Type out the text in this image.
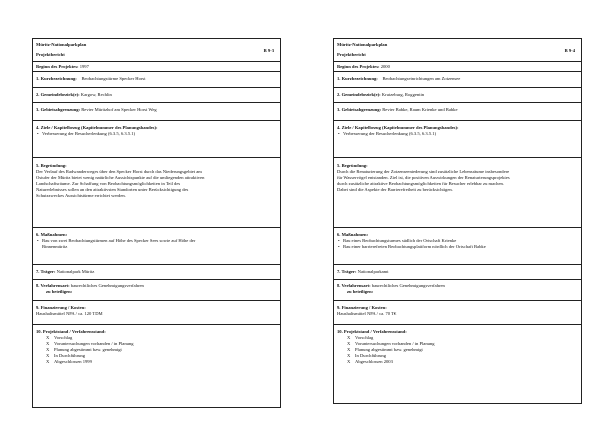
Müritz-Nationalparkplan
B 9-3
Projektbericht
Beginn des Projektes: 1997
1. Kurzbezeichnung: Beobachtungstürme Specker Horst
2. Gemeindebezirk(e): Kargow, Rechlin
3. Gebietsabgrenzung: Revier Müritzhof am Specker Horst Weg
4. Ziele / Kapitelbezug (Kapitelnummer des Planungsbandes):
• Verbesserung der Besucherlenkung (6.3.5, 6.3.5.1)
5. Begründung:
Der Verlauf des Radwanderweges über den Specker Horst durch das Niederungsgebiet am
Ostufer der Müritz bietet wenig natürliche Aussichtspunkte auf die umliegenden attraktiven
Landschaftsräume. Zur Schaffung von Beobachtungsmöglichkeiten in Teil des
Naturerlebnisses sollen an den attraktivsten Standorten unter Berücksichtigung des
Schutzzweckes Aussichtstürme errichtet werden.
6. Maßnahmen:
• Bau von zwei Beobachtungstürmen auf Höhe des Specker Sees sowie auf Höhe der
Binnenmüritz
7. Träger: Nationalpark Müritz
8. Verfahrensart: baurechtliches Genehmigungsverfahren
zu beteiligen:
9. Finanzierung / Kosten:
Haushaltsmittel NPA / ca. 120 TDM
10. Projektstand / Verfahrensstand:
X	Vorschlag
X	Voruntersuchungen vorhanden / in Planung
X	Planung abgestimmt bzw. genehmigt
X	In Durchführung
X	Abgeschlossen 1999
Müritz-Nationalparkplan
B 9-4
Projektbericht
Beginn des Projektes: 2000
1. Kurzbezeichnung: Beobachtungseinrichtungen am Zotzensee
2. Gemeindebezirk(e): Krutzeburg, Roggentin
3. Gebietsabgrenzung: Revier Babke, Raum Krienke und Babke
4. Ziele / Kapitelbezug (Kapitelnummer des Planungsbandes):
• Verbesserung der Besucherlenkung (6.3.5, 6.3.5.1)
5. Begründung:
Durch die Renaturierung der Zotzenseeniederung sind zusätzliche Lebensräume insbesondere
für Wasservögel entstanden. Ziel ist, die positiven Auswirkungen der Renaturierungsprojektes
durch zusätzliche attraktive Beobachtungsmöglichkeiten für Besucher erlebbar zu machen.
Dabei sind die Aspekte der Barrierefreiheit zu berücksichtigen.
6. Maßnahmen:
• Bau eines Beobachtungsturmes südlich der Ortschaft Krienke
• Bau einer barrierefreien Beobachtungsplattform nördlich der Ortschaft Babke
7. Träger: Nationalparkamt
8. Verfahrensart: baurechtliches Genehmigungsverfahren
zu beteiligen:
9. Finanzierung / Kosten:
Haushaltsmittel NPA / ca. 70 T€
10. Projektstand / Verfahrensstand:
X	Vorschlag
X	Voruntersuchungen vorhanden / in Planung
X	Planung abgestimmt bzw. genehmigt
X	In Durchführung
X	Abgeschlossen 2003
